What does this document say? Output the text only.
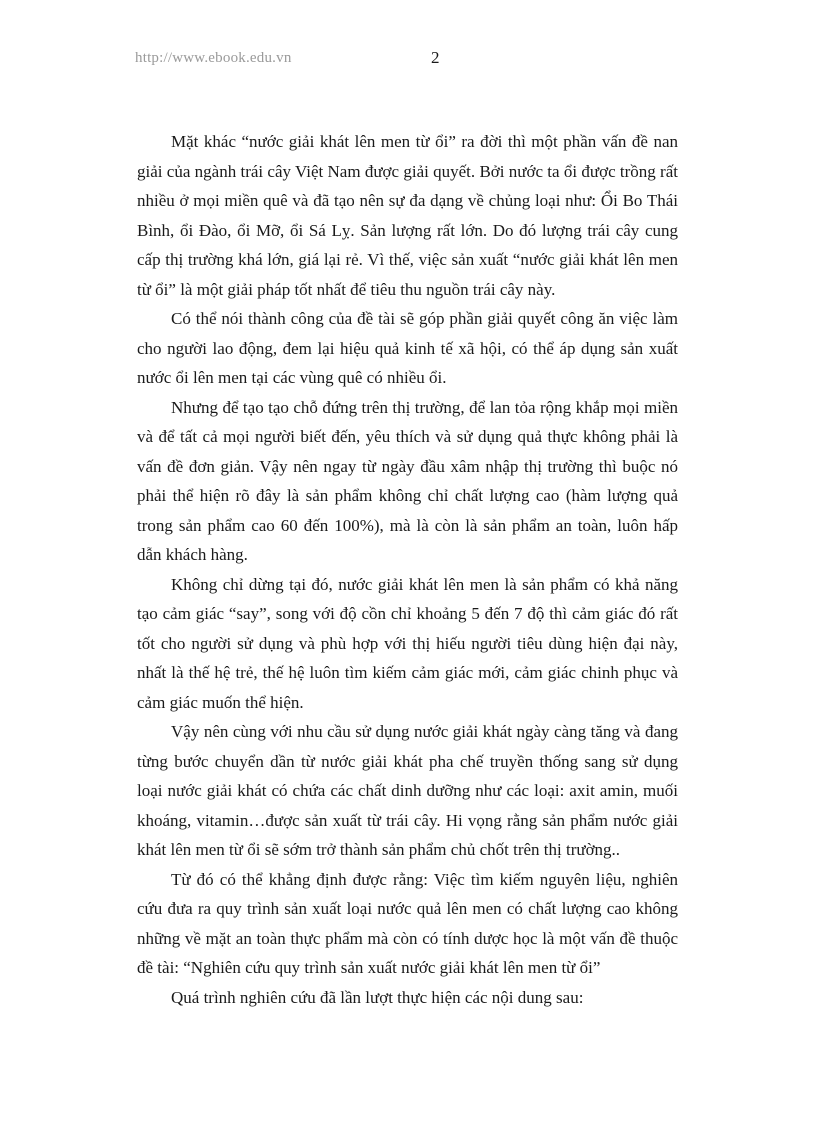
http://www.ebook.edu.vn	2

Mặt khác “nước giải khát lên men từ ổi” ra đời thì một phần vấn đề nan giải của ngành trái cây Việt Nam được giải quyết. Bởi nước ta ổi được trồng rất nhiều ở mọi miền quê và đã tạo nên sự đa dạng về chủng loại như: Ổi Bo Thái Bình, ổi Đào, ổi Mỡ, ổi Sá Lỵ. Sản lượng rất lớn. Do đó lượng trái cây cung cấp thị trường khá lớn, giá lại rẻ. Vì thế, việc sản xuất “nước giải khát lên men từ ổi” là một giải pháp tốt nhất để tiêu thu nguồn trái cây này.

Có thể nói thành công của đề tài sẽ góp phần giải quyết công ăn việc làm cho người lao động, đem lại hiệu quả kinh tế xã hội, có thể áp dụng sản xuất nước ổi lên men tại các vùng quê có nhiều ổi.

Nhưng để tạo tạo chỗ đứng trên thị trường, để lan tỏa rộng khắp mọi miền và để tất cả mọi người biết đến, yêu thích và sử dụng quả thực không phải là vấn đề đơn giản. Vậy nên ngay từ ngày đầu xâm nhập thị trường thì buộc nó phải thể hiện rõ đây là sản phẩm không chỉ chất lượng cao (hàm lượng quả trong sản phẩm cao 60 đến 100%), mà là còn là sản phẩm an toàn, luôn hấp dẫn khách hàng.

Không chỉ dừng tại đó, nước giải khát lên men là sản phẩm có khả năng tạo cảm giác “say”, song với độ cồn chỉ khoảng 5 đến 7 độ thì cảm giác đó rất tốt cho người sử dụng và phù hợp với thị hiếu người tiêu dùng hiện đại này, nhất là thế hệ trẻ, thế hệ luôn tìm kiếm cảm giác mới, cảm giác chinh phục và cảm giác muốn thể hiện.

Vậy nên cùng với nhu cầu sử dụng nước giải khát ngày càng tăng và đang từng bước chuyển dần từ nước giải khát pha chế truyền thống sang sử dụng loại nước giải khát có chứa các chất dinh dưỡng như các loại: axit amin, muối khoáng, vitamin…được sản xuất từ trái cây. Hi vọng rằng sản phẩm nước giải khát lên men từ ổi sẽ sớm trở thành sản phẩm chủ chốt trên thị trường..

Từ đó có thể khẳng định được rằng: Việc tìm kiếm nguyên liệu, nghiên cứu đưa ra quy trình sản xuất loại nước quả lên men có chất lượng cao không những về mặt an toàn thực phẩm mà còn có tính dược học là một vấn đề thuộc đề tài: “Nghiên cứu quy trình sản xuất nước giải khát lên men từ ổi”

Quá trình nghiên cứu đã lần lượt thực hiện các nội dung sau:
